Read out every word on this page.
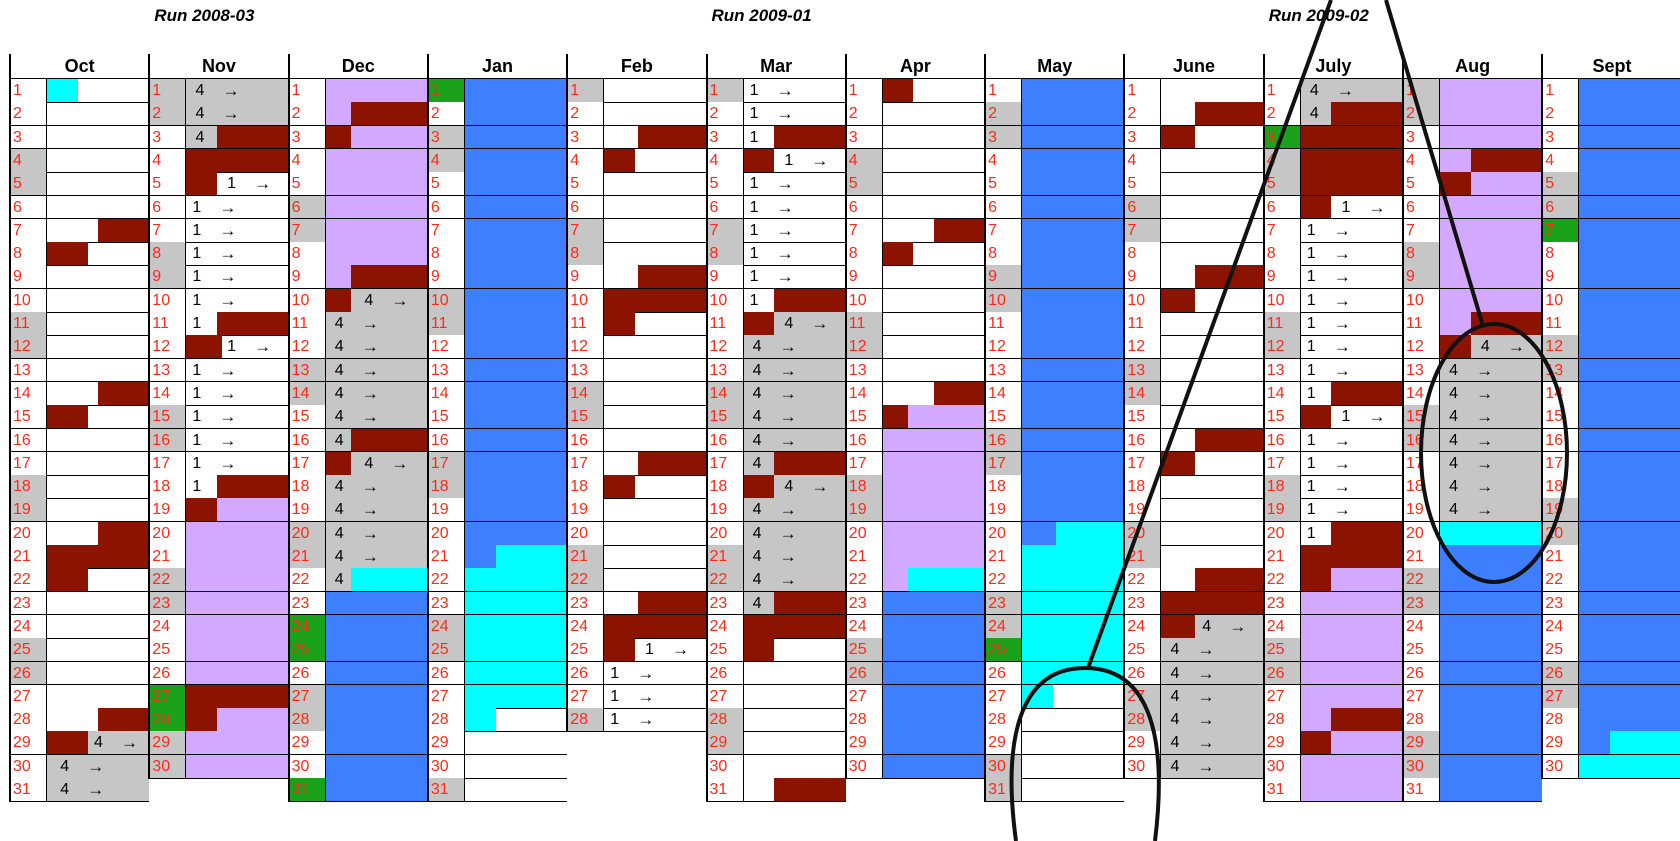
Run 2008-03	Run 2009-01	Run 2009-02
Oct
1
2
3
4
5
6
7
8
9
10
11
12
13
14
15
16
17
18
19
20
21
22
23
24
25
26
27
28
29	4 →
30	4 →
31	4 →
Nov
1	4 →
2	4 →
3	4
4
5	1 →
6	1 →
7	1 →
8	1 →
9	1 →
10	1 →
11	1
12	1 →
13	1 →
14	1 →
15	1 →
16	1 →
17	1 →
18	1
19
20
21
22
23
24
25
26
27
28
29
30
Dec
1
2
3
4
5
6
7
8
9
10	4 →
11	4 →
12	4 →
13	4 →
14	4 →
15	4 →
16	4
17	4 →
18	4 →
19	4 →
20	4 →
21	4 →
22	4
23
24
25
26
27
28
29
30
31
Jan
1
2
3
4
5
6
7
8
9
10
11
12
13
14
15
16
17
18
19
20
21
22
23
24
25
26
27
28
29
30
31
Feb
1
2
3
4
5
6
7
8
9
10
11
12
13
14
15
16
17
18
19
20
21
22
23
24
25	1 →
26	1 →
27	1 →
28	1 →
Mar
1	1 →
2	1 →
3	1
4	1 →
5	1 →
6	1 →
7	1 →
8	1 →
9	1 →
10	1
11	4 →
12	4 →
13	4 →
14	4 →
15	4 →
16	4 →
17	4
18	4 →
19	4 →
20	4 →
21	4 →
22	4 →
23	4
24
25
26
27
28
29
30
31
Apr
1
2
3
4
5
6
7
8
9
10
11
12
13
14
15
16
17
18
19
20
21
22
23
24
25
26
27
28
29
30
May
1
2
3
4
5
6
7
8
9
10
11
12
13
14
15
16
17
18
19
20
21
22
23
24
25
26
27
28
29
30
31
June
1
2
3
4
5
6
7
8
9
10
11
12
13
14
15
16
17
18
19
20
21
22
23
24	4 →
25	4 →
26	4 →
27	4 →
28	4 →
29	4 →
30	4 →
July
1	4 →
2	4
3
4
5
6	1 →
7	1 →
8	1 →
9	1 →
10	1 →
11	1 →
12	1 →
13	1 →
14	1
15	1 →
16	1 →
17	1 →
18	1 →
19	1 →
20	1
21
22
23
24
25
26
27
28
29
30
31
Aug
1
2
3
4
5
6
7
8
9
10
11
12	4 →
13	4 →
14	4 →
15	4 →
16	4 →
17	4 →
18	4 →
19	4 →
20
21
22
23
24
25
26
27
28
29
30
31
Sept
1
2
3
4
5
6
7
8
9
10
11
12
13
14
15
16
17
18
19
20
21
22
23
24
25
26
27
28
29
30
